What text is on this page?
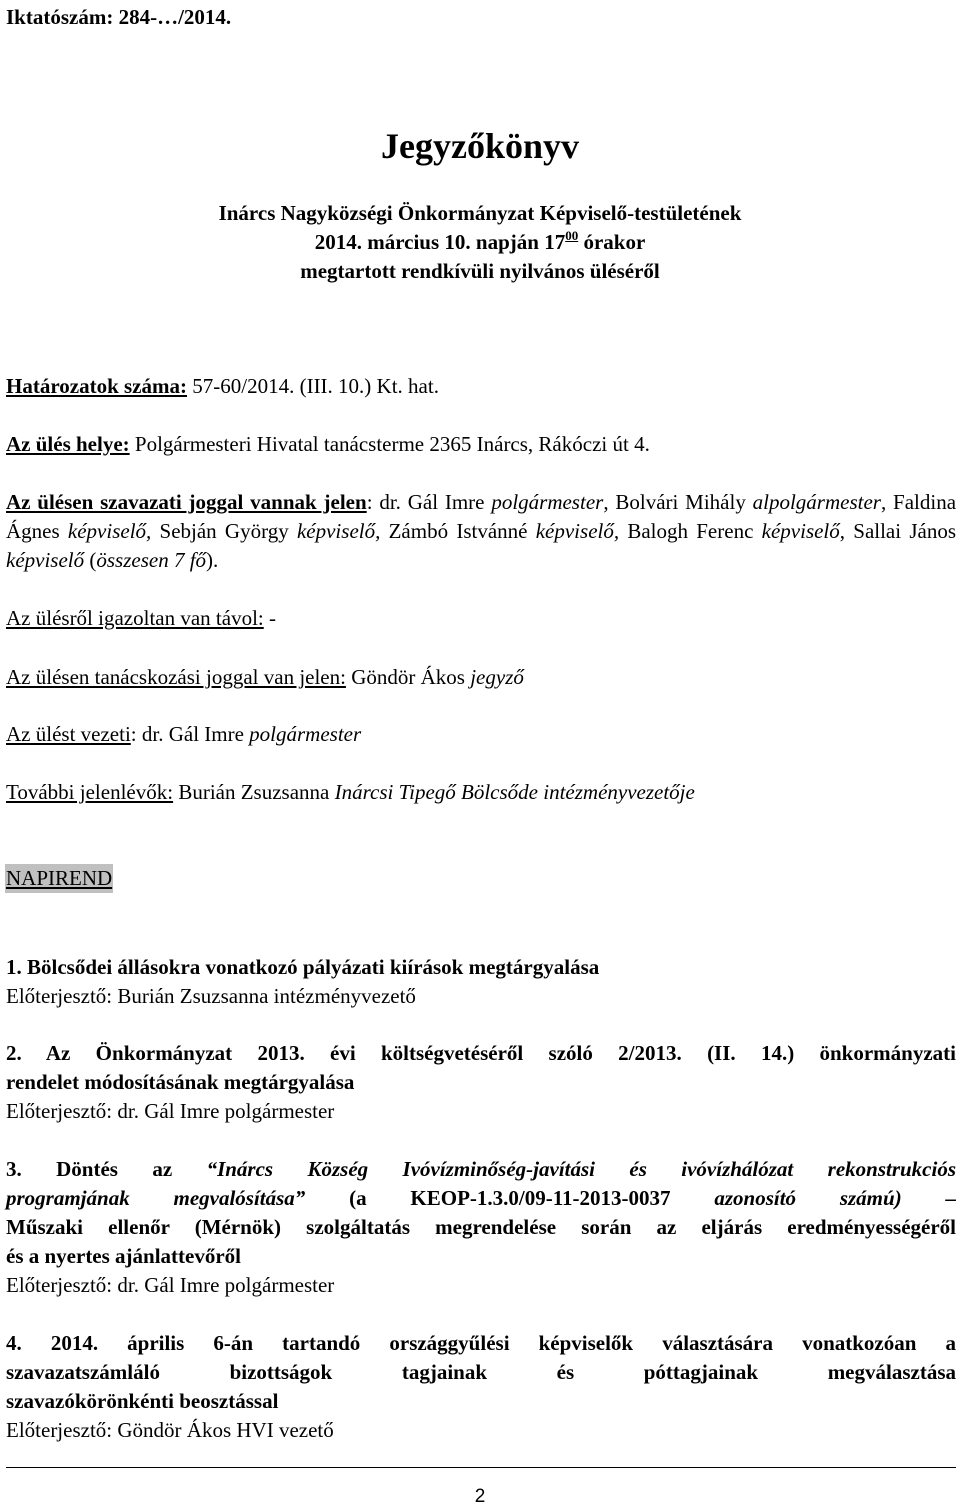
Iktatószám: 284-…/2014.
Jegyzőkönyv
Inárcs Nagyközségi Önkormányzat Képviselő-testületének
2014. március 10. napján $17^{00}$ órakor
megtartott rendkívüli nyilvános üléséről
Határozatok száma: 57-60/2014. (III. 10.) Kt. hat.
Az ülés helye: Polgármesteri Hivatal tanácsterme 2365 Inárcs, Rákóczi út 4.
Az ülésen szavazati joggal vannak jelen: dr. Gál Imre polgármester, Bolvári Mihály alpolgármester, Faldina Ágnes képviselő, Sebján György képviselő, Zámbó Istvánné képviselő, Balogh Ferenc képviselő, Sallai János képviselő (összesen 7 fő).
Az ülésről igazoltan van távol: -
Az ülésen tanácskozási joggal van jelen: Göndör Ákos jegyző
Az ülést vezeti: dr. Gál Imre polgármester
További jelenlévők: Burián Zsuzsanna Inárcsi Tipegő Bölcsőde intézményvezetője
NAPIREND
1. Bölcsődei állásokra vonatkozó pályázati kiírások megtárgyalása
Előterjesztő: Burián Zsuzsanna intézményvezető
2. Az Önkormányzat 2013. évi költségvetéséről szóló 2/2013. (II. 14.) önkormányzati
rendelet módosításának megtárgyalása
Előterjesztő: dr. Gál Imre polgármester
3. Döntés az “Inárcs Község Ivóvízminőség-javítási és ivóvízhálózat rekonstrukciós
programjának megvalósítása” (a KEOP-1.3.0/09-11-2013-0037 azonosító számú) –
Műszaki ellenőr (Mérnök) szolgáltatás megrendelése során az eljárás eredményességéről
és a nyertes ajánlattevőről
Előterjesztő: dr. Gál Imre polgármester
4. 2014. április 6-án tartandó országgyűlési képviselők választására vonatkozóan a
szavazatszámláló bizottságok tagjainak és póttagjainak megválasztása
szavazókörönkénti beosztással
Előterjesztő: Göndör Ákos HVI vezető
2
